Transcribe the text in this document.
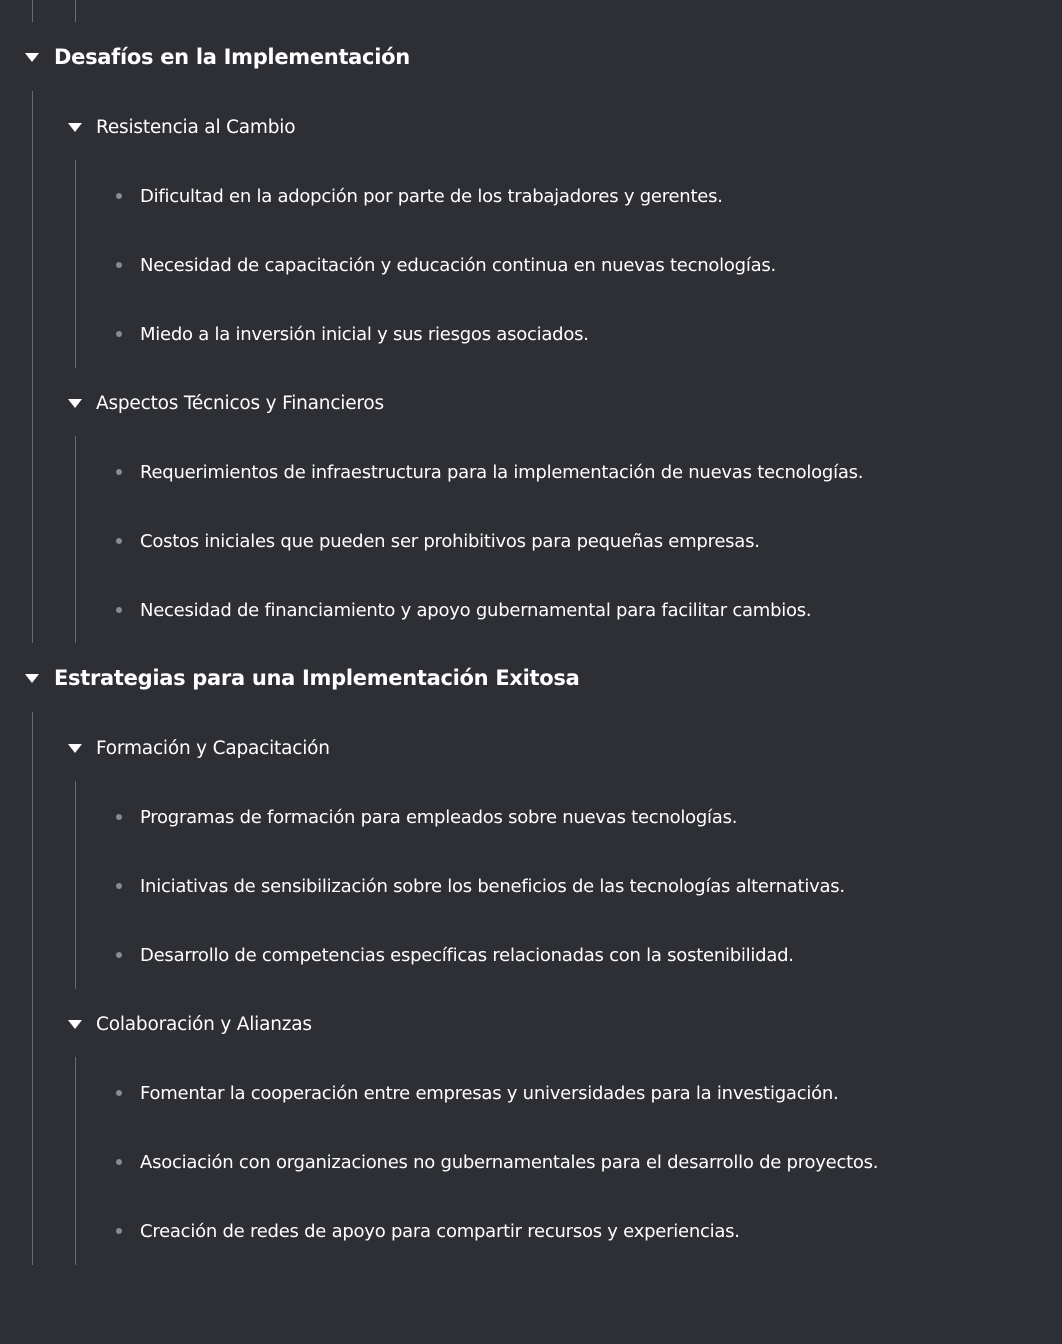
Desafíos en la Implementación
Resistencia al Cambio
Dificultad en la adopción por parte de los trabajadores y gerentes.
Necesidad de capacitación y educación continua en nuevas tecnologías.
Miedo a la inversión inicial y sus riesgos asociados.
Aspectos Técnicos y Financieros
Requerimientos de infraestructura para la implementación de nuevas tecnologías.
Costos iniciales que pueden ser prohibitivos para pequeñas empresas.
Necesidad de financiamiento y apoyo gubernamental para facilitar cambios.
Estrategias para una Implementación Exitosa
Formación y Capacitación
Programas de formación para empleados sobre nuevas tecnologías.
Iniciativas de sensibilización sobre los beneficios de las tecnologías alternativas.
Desarrollo de competencias específicas relacionadas con la sostenibilidad.
Colaboración y Alianzas
Fomentar la cooperación entre empresas y universidades para la investigación.
Asociación con organizaciones no gubernamentales para el desarrollo de proyectos.
Creación de redes de apoyo para compartir recursos y experiencias.
